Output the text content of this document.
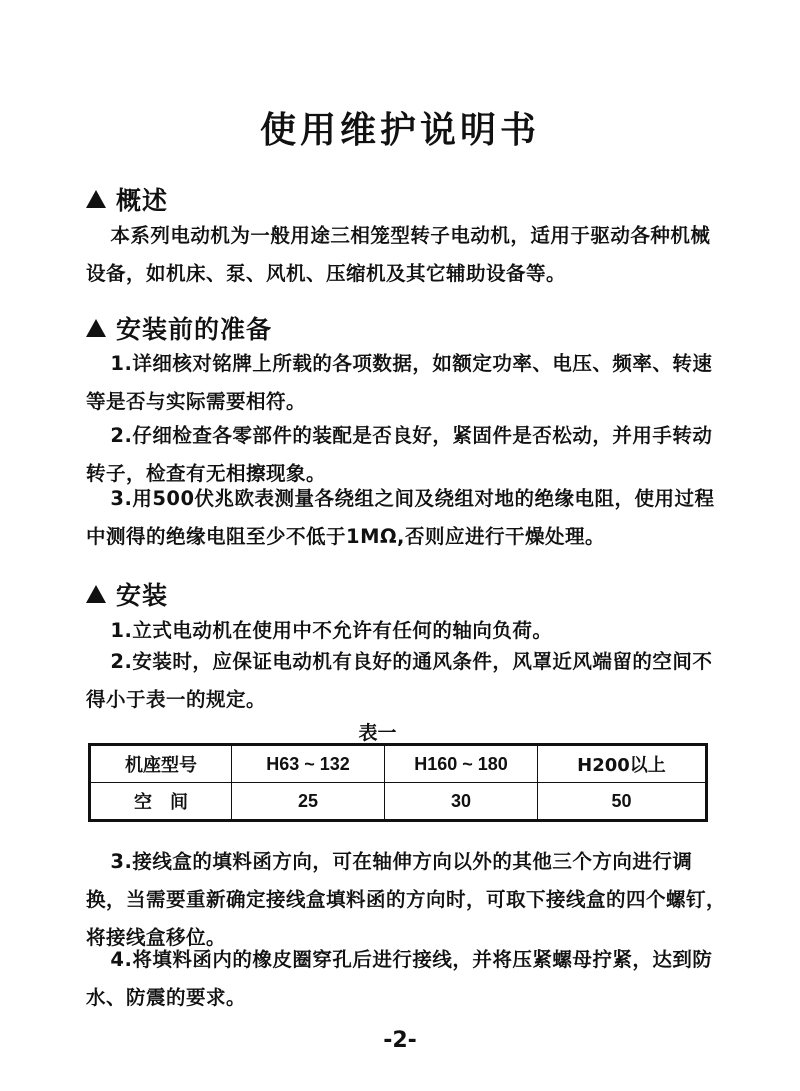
使用维护说明书
概述
本系列电动机为一般用途三相笼型转子电动机，适用于驱动各种机械设备，如机床、泵、风机、压缩机及其它辅助设备等。
安装前的准备
1.详细核对铭牌上所载的各项数据，如额定功率、电压、频率、转速等是否与实际需要相符。
2.仔细检查各零部件的装配是否良好，紧固件是否松动，并用手转动转子，检查有无相擦现象。
3.用500伏兆欧表测量各绕组之间及绕组对地的绝缘电阻，使用过程中测得的绝缘电阻至少不低于1MΩ,否则应进行干燥处理。
安装
1.立式电动机在使用中不允许有任何的轴向负荷。
2.安装时，应保证电动机有良好的通风条件，风罩近风端留的空间不得小于表一的规定。
表一
机座型号	H63 ~ 132	H160 ~ 180	H200以上
空　间	25	30	50
3.接线盒的填料函方向，可在轴伸方向以外的其他三个方向进行调换，当需要重新确定接线盒填料函的方向时，可取下接线盒的四个螺钉，将接线盒移位。
4.将填料函内的橡皮圈穿孔后进行接线，并将压紧螺母拧紧，达到防水、防震的要求。
-2-
